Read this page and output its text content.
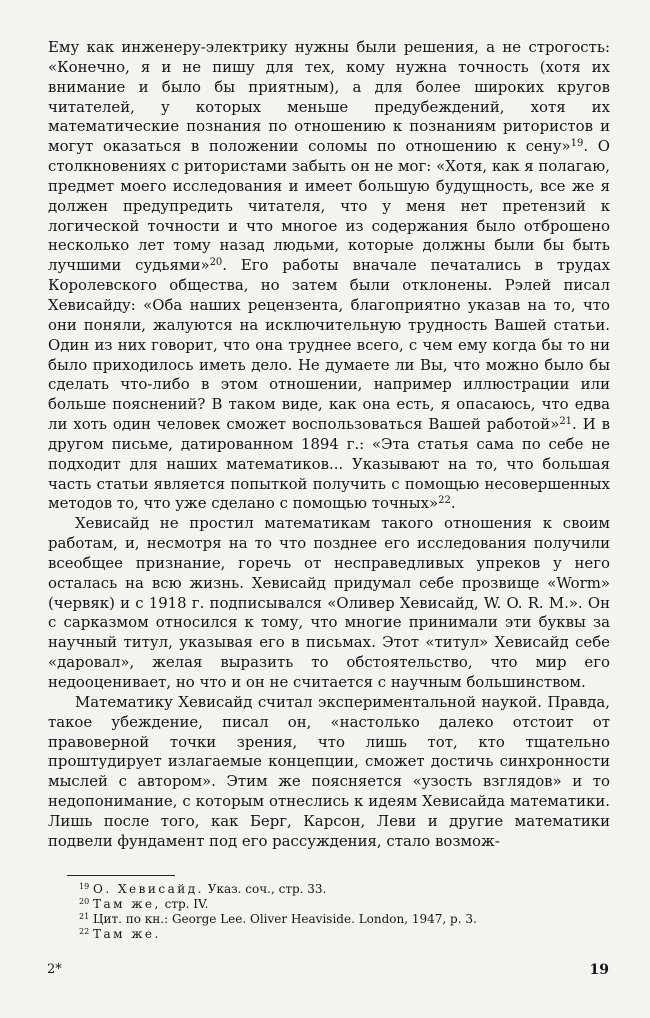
Ему как инженеру-электрику нужны были решения, а не строгость: «Конечно, я и не пишу для тех, кому нужна точность (хотя их внимание и было бы приятным), а для более широких кругов читателей, у которых меньше предубеждений, хотя их математические познания по отношению к познаниям ритористов и могут оказаться в положении соломы по отношению к сену»$^{19}$. О столкновениях с ритористами забыть он не мог: «Хотя, как я полагаю, предмет моего исследования и имеет большую будущность, все же я должен предупредить читателя, что у меня нет претензий к логической точности и что многое из содержания было отброшено несколько лет тому назад людьми, которые должны были бы быть лучшими судьями»$^{20}$. Его работы вначале печатались в трудах Королевского общества, но затем были отклонены. Рэлей писал Хевисайду: «Оба наших рецензента, благоприятно указав на то, что они поняли, жалуются на исключительную трудность Вашей статьи. Один из них говорит, что она труднее всего, с чем ему когда бы то ни было приходилось иметь дело. Не думаете ли Вы, что можно было бы сделать что-либо в этом отношении, например иллюстрации или больше пояснений? В таком виде, как она есть, я опасаюсь, что едва ли хоть один человек сможет воспользоваться Вашей работой»$^{21}$. И в другом письме, датированном 1894 г.: «Эта статья сама по себе не подходит для наших математиков... Указывают на то, что большая часть статьи является попыткой получить с помощью несовершенных методов то, что уже сделано с помощью точных»$^{22}$.

Хевисайд не простил математикам такого отношения к своим работам, и, несмотря на то что позднее его исследования получили всеобщее признание, горечь от несправедливых упреков у него осталась на всю жизнь. Хевисайд придумал себе прозвище «Worm» (червяк) и с 1918 г. подписывался «Оливер Хевисайд, W. O. R. M.». Он с сарказмом относился к тому, что многие принимали эти буквы за научный титул, указывая его в письмах. Этот «титул» Хевисайд себе «даровал», желая выразить то обстоятельство, что мир его недооценивает, но что и он не считается с научным большинством.

Математику Хевисайд считал экспериментальной наукой. Правда, такое убеждение, писал он, «настолько далеко отстоит от правоверной точки зрения, что лишь тот, кто тщательно проштудирует излагаемые концепции, сможет достичь синхронности мыслей с автором». Этим же поясняется «узость взглядов» и то недопонимание, с которым отнеслись к идеям Хевисайда математики. Лишь после того, как Берг, Карсон, Леви и другие математики подвели фундамент под его рассуждения, стало возмож-

$^{19}$ О. Хевисайд. Указ. соч., стр. 33.
$^{20}$ Там же, стр. IV.
$^{21}$ Цит. по кн.: George Lee. Oliver Heaviside. London, 1947, p. 3.
$^{22}$ Там же.
2*	19
